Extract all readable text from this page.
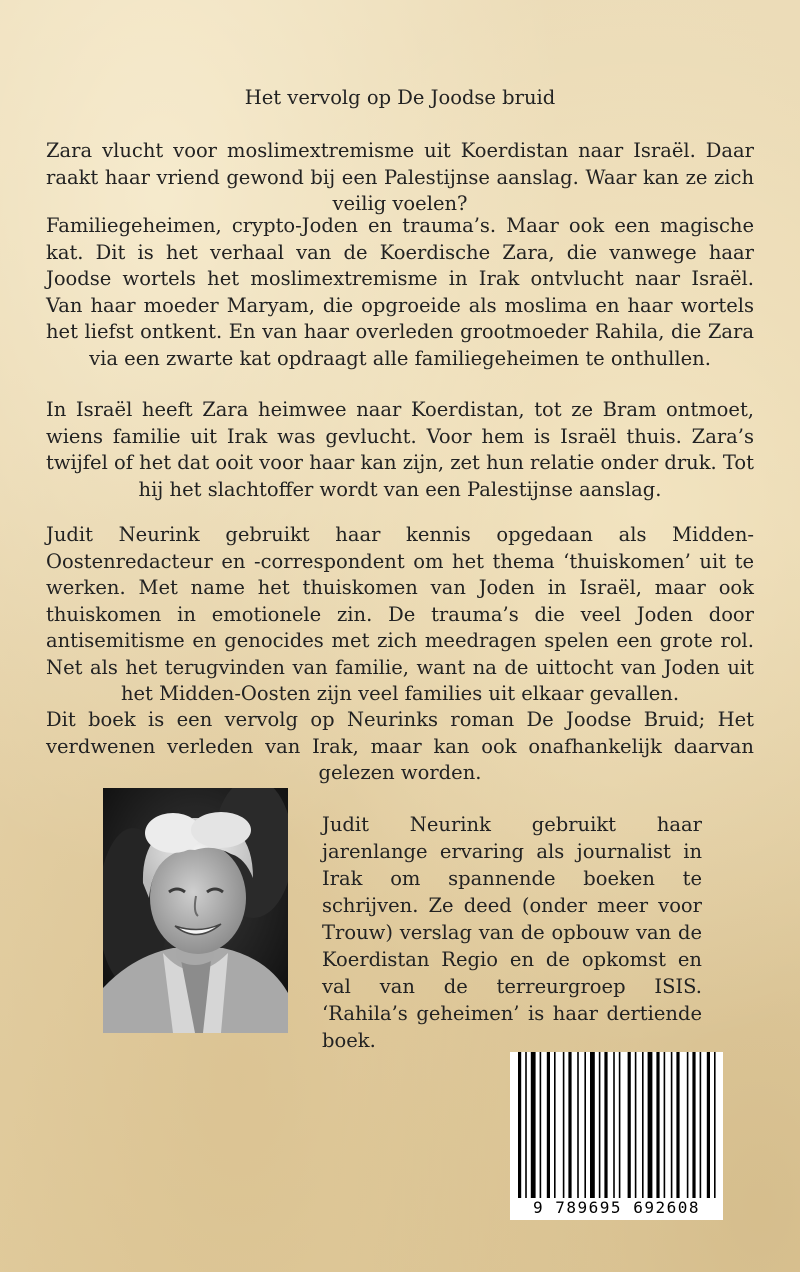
Het vervolg op De Joodse bruid

Zara vlucht voor moslimextremisme uit Koerdistan naar Israël. Daar raakt haar vriend gewond bij een Palestijnse aanslag. Waar kan ze zich veilig voelen?

Familiegeheimen, crypto-Joden en trauma’s. Maar ook een magische kat. Dit is het verhaal van de Koerdische Zara, die vanwege haar Joodse wortels het moslimextremisme in Irak ontvlucht naar Israël. Van haar moeder Maryam, die opgroeide als moslima en haar wortels het liefst ontkent. En van haar overleden grootmoeder Rahila, die Zara via een zwarte kat opdraagt alle familiegeheimen te onthullen.

In Israël heeft Zara heimwee naar Koerdistan, tot ze Bram ontmoet, wiens familie uit Irak was gevlucht. Voor hem is Israël thuis. Zara’s twijfel of het dat ooit voor haar kan zijn, zet hun relatie onder druk. Tot hij het slachtoffer wordt van een Palestijnse aanslag.

Judit Neurink gebruikt haar kennis opgedaan als Midden-Oostenredacteur en -correspondent om het thema ‘thuiskomen’ uit te werken. Met name het thuiskomen van Joden in Israël, maar ook thuiskomen in emotionele zin. De trauma’s die veel Joden door antisemitisme en genocides met zich meedragen spelen een grote rol. Net als het terugvinden van familie, want na de uittocht van Joden uit het Midden-Oosten zijn veel families uit elkaar gevallen.

Dit boek is een vervolg op Neurinks roman De Joodse Bruid; Het verdwenen verleden van Irak, maar kan ook onafhankelijk daarvan gelezen worden.

Judit Neurink gebruikt haar jarenlange ervaring als journalist in Irak om spannende boeken te schrijven. Ze deed (onder meer voor Trouw) verslag van de opbouw van de Koerdistan Regio en de opkomst en val van de terreurgroep ISIS. ‘Rahila’s geheimen’ is haar dertiende boek.

9 789695 692608
